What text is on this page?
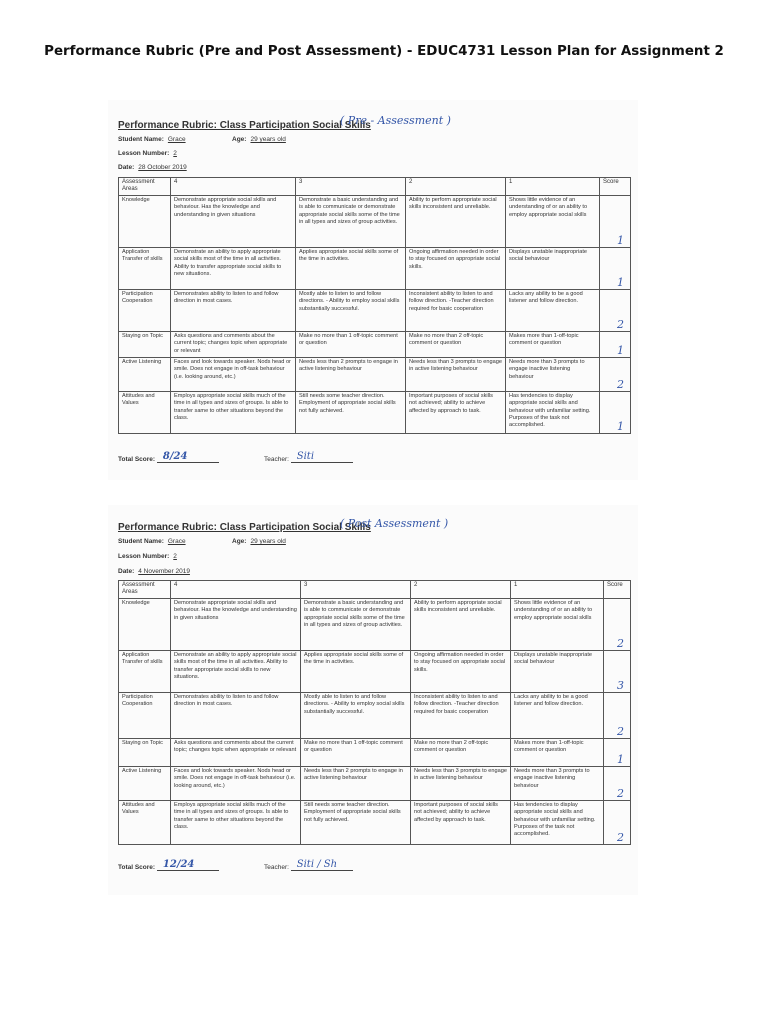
Performance Rubric (Pre and Post Assessment) - EDUC4731 Lesson Plan for Assignment 2
Performance Rubric: Class Participation Social Skills
( Pre - Assessment )
Student Name: Grace	Age: 29 years old
Lesson Number: 2
Date: 28 October 2019
Assessment Areas	4	3	2	1	Score
Knowledge	Demonstrate appropriate social skills and behaviour. Has the knowledge and understanding in given situations	Demonstrate a basic understanding and is able to communicate or demonstrate appropriate social skills some of the time in all types and sizes of group activities.	Ability to perform appropriate social skills inconsistent and unreliable.	Shows little evidence of an understanding of or an ability to employ appropriate social skills	1

Application Transfer of skills	Demonstrate an ability to apply appropriate social skills most of the time in all activities. Ability to transfer appropriate social skills to new situations.	Applies appropriate social skills some of the time in activities.	Ongoing affirmation needed in order to stay focused on appropriate social skills.	Displays unstable inappropriate social behaviour	1

Participation Cooperation	Demonstrates ability to listen to and follow direction in most cases.	Mostly able to listen to and follow directions. - Ability to employ social skills substantially successful.	Inconsistent ability to listen to and follow direction. -Teacher direction required for basic cooperation	Lacks any ability to be a good listener and follow direction.	2

Staying on Topic	Asks questions and comments about the current topic; changes topic when appropriate or relevant	Make no more than 1 off-topic comment or question	Make no more than 2 off-topic comment or question	Makes more than 1-off-topic comment or question	1

Active Listening	Faces and look towards speaker. Nods head or smile. Does not engage in off-task behaviour (i.e. looking around, etc.)	Needs less than 2 prompts to engage in active listening behaviour	Needs less than 3 prompts to engage in active listening behaviour	Needs more than 3 prompts to engage inactive listening behaviour	2

Attitudes and Values	Employs appropriate social skills much of the time in all types and sizes of groups. Is able to transfer same to other situations beyond the class.	Still needs some teacher direction. Employment of appropriate social skills not fully achieved.	Important purposes of social skills not achieved; ability to achieve affected by approach to task.	Has tendencies to display appropriate social skills and behaviour with unfamiliar setting. Purposes of the task not accomplished.	1
Total Score: 8/24	Teacher: Siti
Performance Rubric: Class Participation Social Skills
( Post Assessment )
Student Name: Grace	Age: 29 years old
Lesson Number: 2
Date: 4 November 2019
Assessment Areas	4	3	2	1	Score
Knowledge	Demonstrate appropriate social skills and behaviour. Has the knowledge and understanding in given situations	Demonstrate a basic understanding and is able to communicate or demonstrate appropriate social skills some of the time in all types and sizes of group activities.	Ability to perform appropriate social skills inconsistent and unreliable.	Shows little evidence of an understanding of or an ability to employ appropriate social skills	2

Application Transfer of skills	Demonstrate an ability to apply appropriate social skills most of the time in all activities. Ability to transfer appropriate social skills to new situations.	Applies appropriate social skills some of the time in activities.	Ongoing affirmation needed in order to stay focused on appropriate social skills.	Displays unstable inappropriate social behaviour	3

Participation Cooperation	Demonstrates ability to listen to and follow direction in most cases.	Mostly able to listen to and follow directions. - Ability to employ social skills substantially successful.	Inconsistent ability to listen to and follow direction. -Teacher direction required for basic cooperation	Lacks any ability to be a good listener and follow direction.	2

Staying on Topic	Asks questions and comments about the current topic; changes topic when appropriate or relevant	Make no more than 1 off-topic comment or question	Make no more than 2 off-topic comment or question	Makes more than 1-off-topic comment or question	1

Active Listening	Faces and look towards speaker. Nods head or smile. Does not engage in off-task behaviour (i.e. looking around, etc.)	Needs less than 2 prompts to engage in active listening behaviour	Needs less than 3 prompts to engage in active listening behaviour	Needs more than 3 prompts to engage inactive listening behaviour	2

Attitudes and Values	Employs appropriate social skills much of the time in all types and sizes of groups. Is able to transfer same to other situations beyond the class.	Still needs some teacher direction. Employment of appropriate social skills not fully achieved.	Important purposes of social skills not achieved; ability to achieve affected by approach to task.	Has tendencies to display appropriate social skills and behaviour with unfamiliar setting. Purposes of the task not accomplished.	2
Total Score: 12/24	Teacher: Siti / Sh
